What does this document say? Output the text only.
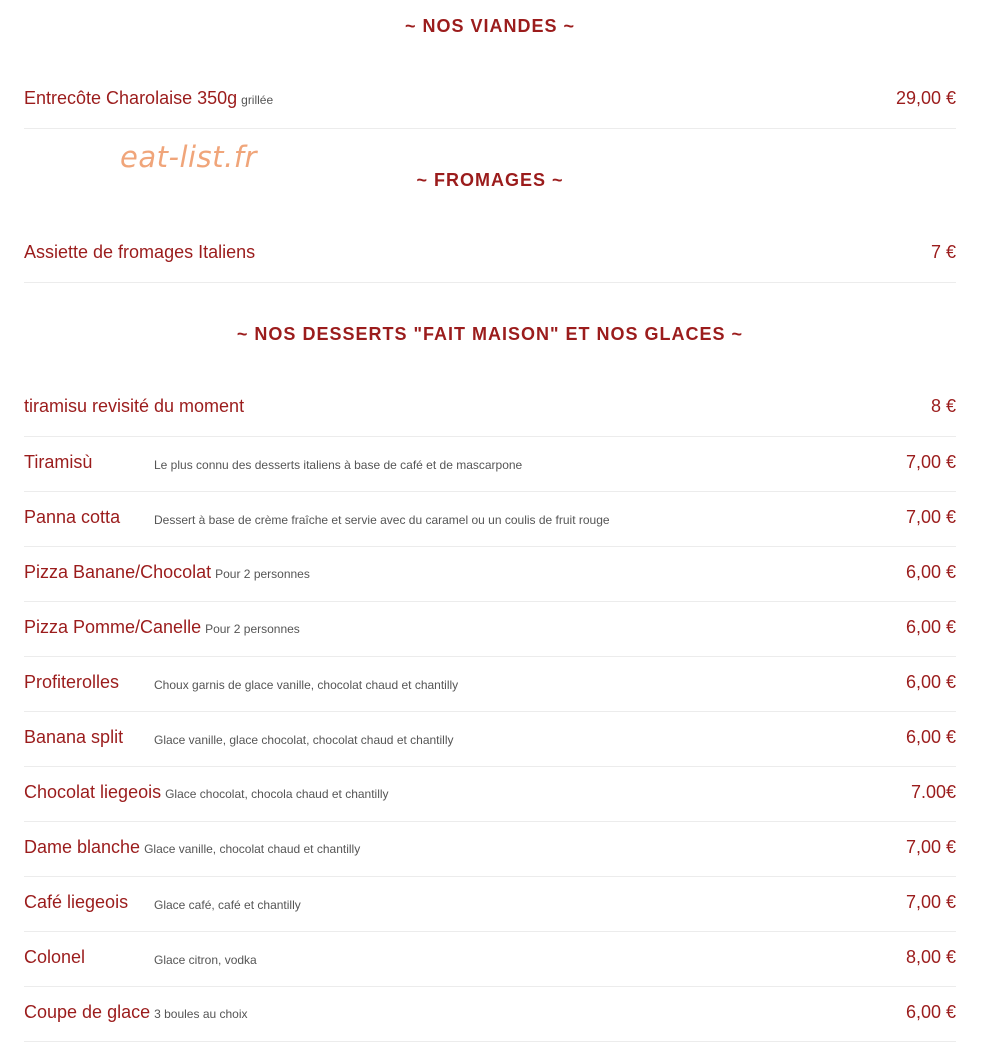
~ NOS VIANDES ~
Entrecôte Charolaise 350g grillée	29,00 €
~ FROMAGES ~
Assiette de fromages Italiens	7 €
~ NOS DESSERTS "FAIT MAISON" ET NOS GLACES ~
tiramisu revisité du moment	8 €
Tiramisù	Le plus connu des desserts italiens à base de café et de mascarpone	7,00 €
Panna cotta	Dessert à base de crème fraîche et servie avec du caramel ou un coulis de fruit rouge	7,00 €
Pizza Banane/Chocolat Pour 2 personnes	6,00 €
Pizza Pomme/Canelle Pour 2 personnes	6,00 €
Profiterolles	Choux garnis de glace vanille, chocolat chaud et chantilly	6,00 €
Banana split	Glace vanille, glace chocolat, chocolat chaud et chantilly	6,00 €
Chocolat liegeois Glace chocolat, chocola chaud et chantilly	7.00€
Dame blanche Glace vanille, chocolat chaud et chantilly	7,00 €
Café liegeois Glace café, café et chantilly	7,00 €
Colonel	Glace citron, vodka	8,00 €
Coupe de glace 3 boules au choix	6,00 €
eat-list.fr
